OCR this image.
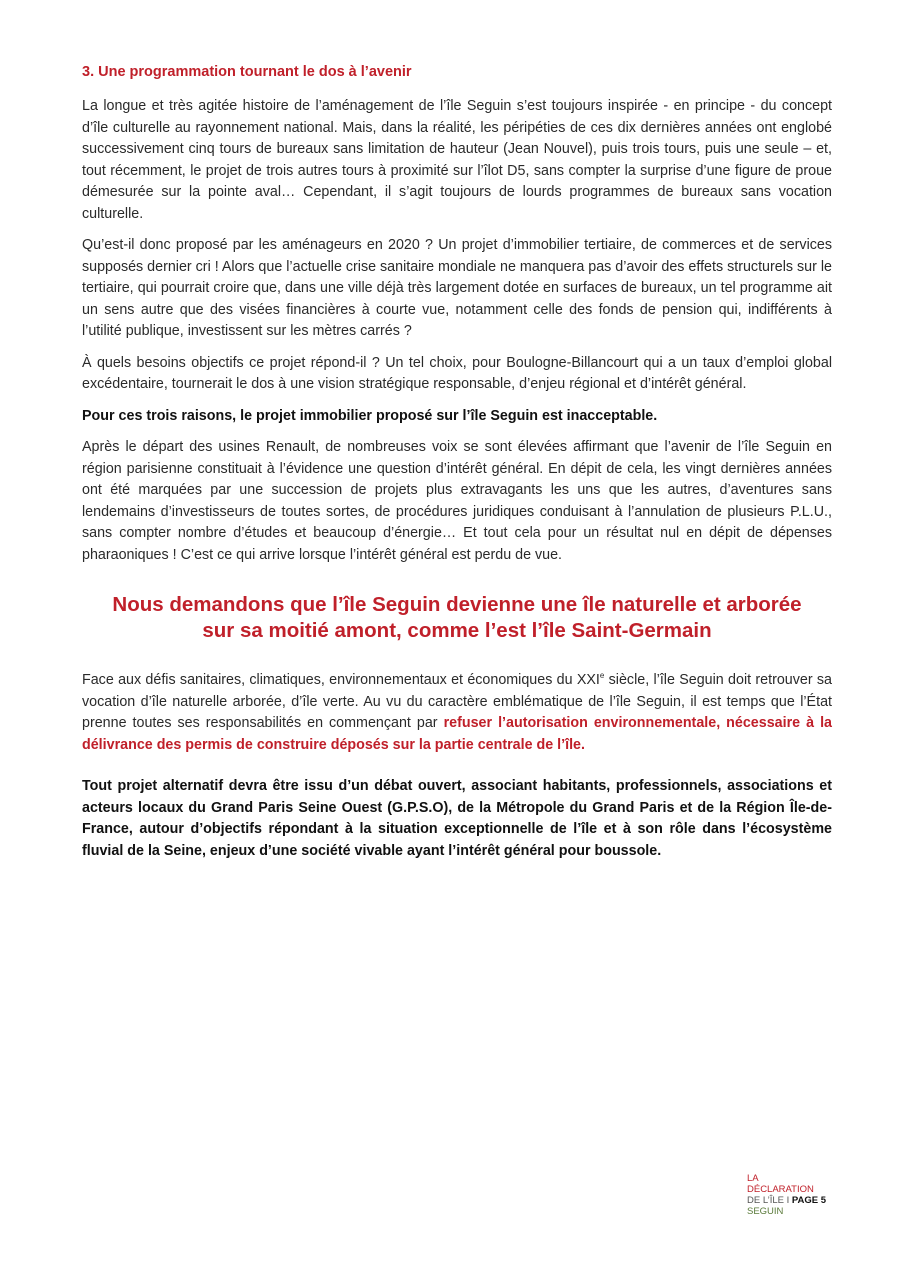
3. Une programmation tournant le dos à l’avenir

La longue et très agitée histoire de l’aménagement de l’île Seguin s’est toujours inspirée - en principe - du concept d’île culturelle au rayonnement national. Mais, dans la réalité, les péripéties de ces dix dernières années ont englobé successivement cinq tours de bureaux sans limitation de hauteur (Jean Nouvel), puis trois tours, puis une seule – et, tout récemment, le projet de trois autres tours à proximité sur l’îlot D5, sans compter la surprise d’une figure de proue démesurée sur la pointe aval… Cependant, il s’agit toujours de lourds programmes de bureaux sans vocation culturelle.

Qu’est-il donc proposé par les aménageurs en 2020 ? Un projet d’immobilier tertiaire, de commerces et de services supposés dernier cri ! Alors que l’actuelle crise sanitaire mondiale ne manquera pas d’avoir des effets structurels sur le tertiaire, qui pourrait croire que, dans une ville déjà très largement dotée en surfaces de bureaux, un tel programme ait un sens autre que des visées financières à courte vue, notamment celle des fonds de pension qui, indifférents à l’utilité publique, investissent sur les mètres carrés ?

À quels besoins objectifs ce projet répond-il ? Un tel choix, pour Boulogne-Billancourt qui a un taux d’emploi global excédentaire, tournerait le dos à une vision stratégique responsable, d’enjeu régional et d’intérêt général.

Pour ces trois raisons, le projet immobilier proposé sur l’île Seguin est inacceptable.

Après le départ des usines Renault, de nombreuses voix se sont élevées affirmant que l’avenir de l’île Seguin en région parisienne constituait à l’évidence une question d’intérêt général. En dépit de cela, les vingt dernières années ont été marquées par une succession de projets plus extravagants les uns que les autres, d’aventures sans lendemains d’investisseurs de toutes sortes, de procédures juridiques conduisant à l’annulation de plusieurs P.L.U., sans compter nombre d’études et beaucoup d’énergie… Et tout cela pour un résultat nul en dépit de dépenses pharaoniques ! C’est ce qui arrive lorsque l’intérêt général est perdu de vue.

Nous demandons que l’île Seguin devienne une île naturelle et arborée
sur sa moitié amont, comme l’est l’île Saint-Germain

Face aux défis sanitaires, climatiques, environnementaux et économiques du XXIe siècle, l’île Seguin doit retrouver sa vocation d’île naturelle arborée, d’île verte. Au vu du caractère emblématique de l’île Seguin, il est temps que l’État prenne toutes ses responsabilités en commençant par refuser l’autorisation environnementale, nécessaire à la délivrance des permis de construire déposés sur la partie centrale de l’île.

Tout projet alternatif devra être issu d’un débat ouvert, associant habitants, professionnels, associations et acteurs locaux du Grand Paris Seine Ouest (G.P.S.O), de la Métropole du Grand Paris et de la Région Île-de-France, autour d’objectifs répondant à la situation exceptionnelle de l’île et à son rôle dans l’écosystème fluvial de la Seine, enjeux d’une société vivable ayant l’intérêt général pour boussole.

LA
DÉCLARATION
DE L’ÎLE I PAGE 5
SEGUIN
